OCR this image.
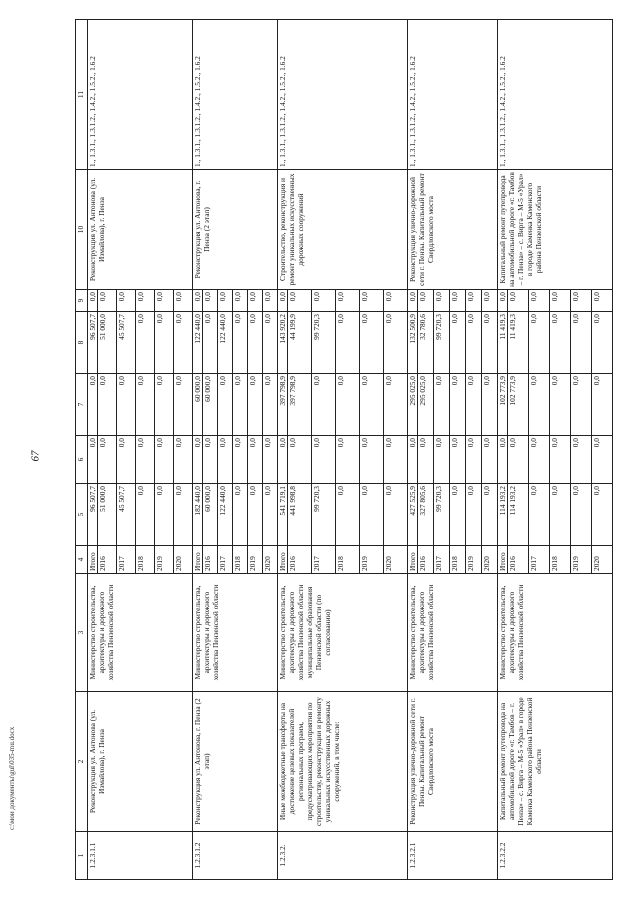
67
c:\мои документы\gul\035-mu.docx
1	2	3	4	5	6	7	8	9	10	11
1.2.3.1.1	Реконструкция ул. Антонова (ул. Измайлова), г. Пенза	Министерство строительства, архитектуры и дорожного хозяйства Пензенской области	Итого	96 507,7	0,0	0,0	96 507,7	0,0	Реконструкция ул. Антонова (ул. Измайлова), г. Пенза	1., 1.3.1., 1.3.1.2., 1.4.2., 1.5.2., 1.6.2
			2016	51 000,0	0,0	0,0	51 000,0	0,0		
			2017	45 507,7	0,0	0,0	45 507,7	0,0		
			2018	0,0	0,0	0,0	0,0	0,0		
			2019	0,0	0,0	0,0	0,0	0,0		
			2020	0,0	0,0	0,0	0,0	0,0		
1.2.3.1.2	Реконструкция ул. Антонова, г. Пенза (2 этап)	Министерство строительства, архитектуры и дорожного хозяйства Пензенской области	Итого	182 440,0	0,0	60 000,0	122 440,0	0,0	Реконструкция ул. Антонова, г. Пенза (2 этап)	1., 1.3.1., 1.3.1.2., 1.4.2., 1.5.2., 1.6.2
			2016	60 000,0	0,0	60 000,0	0,0	0,0		
			2017	122 440,0	0,0	0,0	122 440,0	0,0		
			2018	0,0	0,0	0,0	0,0	0,0		
			2019	0,0	0,0	0,0	0,0	0,0		
			2020	0,0	0,0	0,0	0,0	0,0		
1.2.3.2.	Иные межбюджетные трансферты на достижение целевых показателей региональных программ, предусматривающих мероприятия по строительству, реконструкции и ремонту уникальных искусственных дорожных сооружений, в том числе:	Министерство строительства, архитектуры и дорожного хозяйства Пензенской области муниципальные образования Пензенской области (по согласованию)	Итого	541 719,1	0,0	397 798,9	143 920,2	0,0	Строительство, реконструкция и ремонт уникальных искусственных дорожных сооружений	1., 1.3.1., 1.3.1.2., 1.4.2., 1.5.2., 1.6.2
			2016	441 998,8	0,0	397 798,9	44 199,9	0,0		
			2017	99 720,3	0,0	0,0	99 720,3	0,0		
			2018	0,0	0,0	0,0	0,0	0,0		
			2019	0,0	0,0	0,0	0,0	0,0		
			2020	0,0	0,0	0,0	0,0	0,0		
1.2.3.2.1	Реконструкция улично-дорожной сети г. Пензы. Капитальный ремонт Свердловского моста	Министерство строительства, архитектуры и дорожного хозяйства Пензенской области	Итого	427 525,9	0,0	295 025,0	132 500,9	0,0	Реконструкция улично-дорожной сети г. Пензы. Капитальный ремонт Свердловского моста	1., 1.3.1., 1.3.1.2., 1.4.2., 1.5.2., 1.6.2
			2016	327 805,6	0,0	295 025,0	32 780,6	0,0		
			2017	99 720,3	0,0	0,0	99 720,3	0,0		
			2018	0,0	0,0	0,0	0,0	0,0		
			2019	0,0	0,0	0,0	0,0	0,0		
			2020	0,0	0,0	0,0	0,0	0,0		
1.2.3.2.2	Капитальный ремонт путепровода на автомобильной дороге «г. Тамбов – г. Пенза» – с. Вирга – М-5 «Урал» в городе Каменка Каменского района Пензенской области	Министерство строительства, архитектуры и дорожного хозяйства Пензенской области	Итого	114 193,2	0,0	102 773,9	11 419,3	0,0	Капитальный ремонт путепровода на автомобильной дороге «г. Тамбов – г. Пенза» – с. Вирга – М-5 «Урал» в городе Каменка Каменского района Пензенской области	1., 1.3.1., 1.3.1.2., 1.4.2., 1.5.2., 1.6.2
			2016	114 193,2	0,0	102 773,9	11 419,3	0,0		
			2017	0,0	0,0	0,0	0,0	0,0		
			2018	0,0	0,0	0,0	0,0	0,0		
			2019	0,0	0,0	0,0	0,0	0,0		
			2020	0,0	0,0	0,0	0,0	0,0		
